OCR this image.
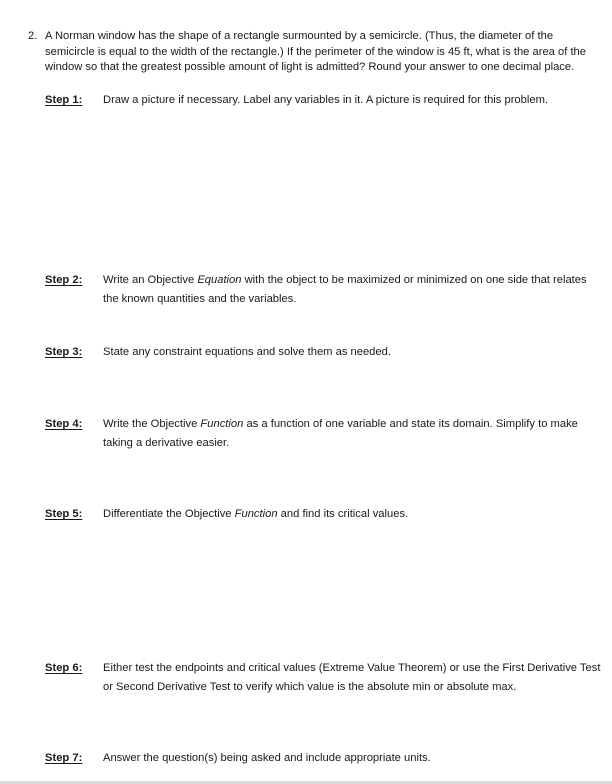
2. A Norman window has the shape of a rectangle surmounted by a semicircle. (Thus, the diameter of the semicircle is equal to the width of the rectangle.) If the perimeter of the window is 45 ft, what is the area of the window so that the greatest possible amount of light is admitted? Round your answer to one decimal place.
Step 1: Draw a picture if necessary. Label any variables in it. A picture is required for this problem.
Step 2: Write an Objective Equation with the object to be maximized or minimized on one side that relates the known quantities and the variables.
Step 3: State any constraint equations and solve them as needed.
Step 4: Write the Objective Function as a function of one variable and state its domain. Simplify to make taking a derivative easier.
Step 5: Differentiate the Objective Function and find its critical values.
Step 6: Either test the endpoints and critical values (Extreme Value Theorem) or use the First Derivative Test or Second Derivative Test to verify which value is the absolute min or absolute max.
Step 7: Answer the question(s) being asked and include appropriate units.
